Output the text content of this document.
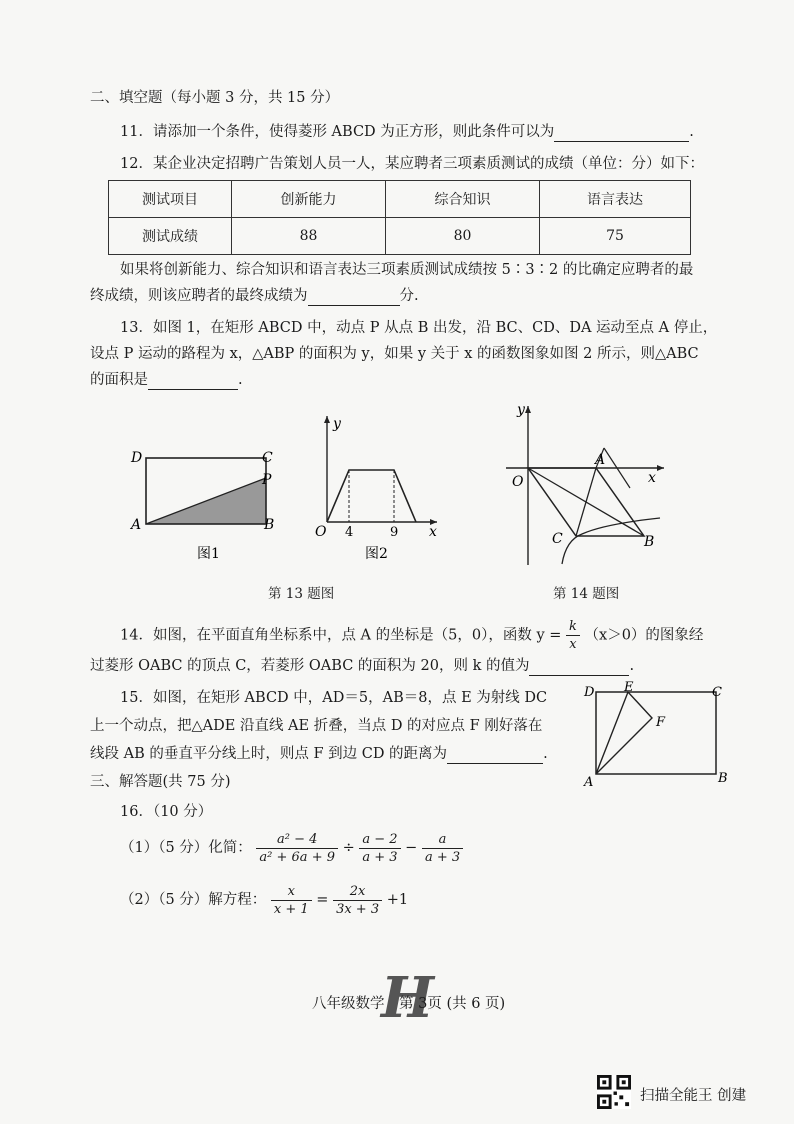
二、填空题（每小题 3 分，共 15 分）
11．请添加一个条件，使得菱形 ABCD 为正方形，则此条件可以为	.
12．某企业决定招聘广告策划人员一人，某应聘者三项素质测试的成绩（单位：分）如下：
测试项目	创新能力	综合知识	语言表达
测试成绩	88	80	75
如果将创新能力、综合知识和语言表达三项素质测试成绩按 5∶3∶2 的比确定应聘者的最
终成绩，则该应聘者的最终成绩为	分.
13．如图 1，在矩形 ABCD 中，动点 P 从点 B 出发，沿 BC、CD、DA 运动至点 A 停止，
设点 P 运动的路程为 x，△ABP 的面积为 y，如果 y 关于 x 的函数图象如图 2 所示，则△ABC
的面积是	.
D	C
P
A	B
图1
y
O 4	9 x
图2
y
O	x
A
C	B
第 13 题图	第 14 题图
14．如图，在平面直角坐标系中，点 A 的坐标是（5，0），函数 $y = \frac{k}{x} (x>0)$的图象经
过菱形 OABC 的顶点 C，若菱形 OABC 的面积为 20，则 k 的值为	.
15．如图，在矩形 ABCD 中，AD＝5，AB＝8，点 E 为射线 DC
上一个动点，把△ADE 沿直线 AE 折叠，当点 D 的对应点 F 刚好落在
线段 AB 的垂直平分线上时，则点 F 到边 CD 的距离为	.
D E	C
F
A	B
三、解答题(共 75 分)
16．（10 分）
（1）（5 分）化简： $\frac{\text{a² − 4}}{\text{a² + 6a + 9}} \div \frac{a - 2}{a + 3} - \frac{a}{a + 3}$
（2）（5 分）解方程： $\frac{x}{x + 1} = \frac{2x}{3x + 3} +1$
H
八年级数学　第 3页 (共 6 页)
扫描全能王 创建
